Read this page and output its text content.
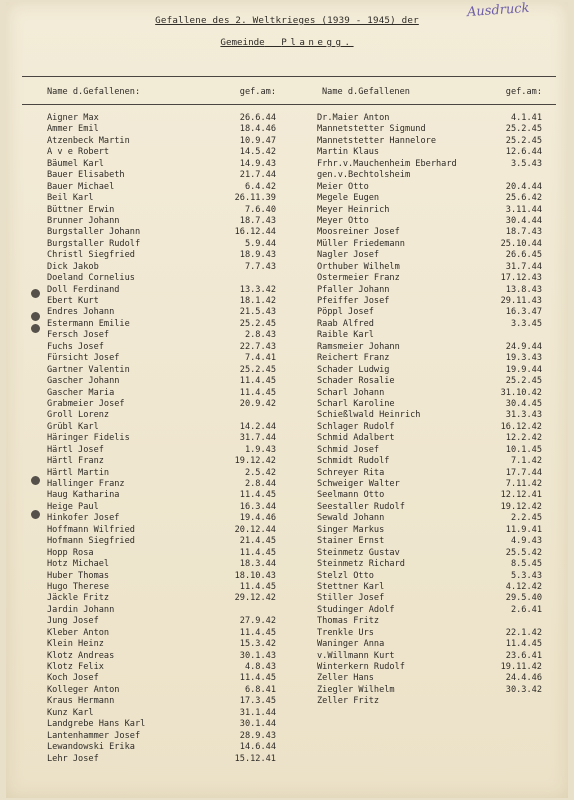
Ausdruck
Gefallene des 2. Weltkrieges (1939 - 1945) der
Gemeinde Planegg.
Name d.Gefallenen:	gef.am:	Name d.Gefallenen	gef.am:
Aigner Max	26.6.44
Ammer Emil	18.4.46
Atzenbeck Martin	10.9.47
A v e Robert	14.5.42
Bäumel Karl	14.9.43
Bauer Elisabeth	21.7.44
Bauer Michael	6.4.42
Beil Karl	26.11.39
Büttner Erwin	7.6.40
Brunner Johann	18.7.43
Burgstaller Johann	16.12.44
Burgstaller Rudolf	5.9.44
Christl Siegfried	18.9.43
Dick Jakob	7.7.43
Doeland Cornelius
Doll Ferdinand	13.3.42
Ebert Kurt	18.1.42
Endres Johann	21.5.43
Estermann Emilie	25.2.45
Fersch Josef	2.8.43
Fuchs Josef	22.7.43
Fürsicht Josef	7.4.41
Gartner Valentin	25.2.45
Gascher Johann	11.4.45
Gascher Maria	11.4.45
Grabmeier Josef	20.9.42
Groll Lorenz
Grübl Karl	14.2.44
Häringer Fidelis	31.7.44
Härtl Josef	1.9.43
Härtl Franz	19.12.42
Härtl Martin	2.5.42
Hallinger Franz	2.8.44
Haug Katharina	11.4.45
Heige Paul	16.3.44
Hinkofer Josef	19.4.46
Hoffmann Wilfried	20.12.44
Hofmann Siegfried	21.4.45
Hopp Rosa	11.4.45
Hotz Michael	18.3.44
Huber Thomas	18.10.43
Hugo Therese	11.4.45
Jäckle Fritz	29.12.42
Jardin Johann
Jung Josef	27.9.42
Kleber Anton	11.4.45
Klein Heinz	15.3.42
Klotz Andreas	30.1.43
Klotz Felix	4.8.43
Koch Josef	11.4.45
Kolleger Anton	6.8.41
Kraus Hermann	17.3.45
Kunz Karl	31.1.44
Landgrebe Hans Karl	30.1.44
Lantenhammer Josef	28.9.43
Lewandowski Erika	14.6.44
Lehr Josef	15.12.41
Dr.Maier Anton	4.1.41
Mannetstetter Sigmund	25.2.45
Mannetstetter Hannelore	25.2.45
Martin Klaus	12.6.44
Frhr.v.Mauchenheim Eberhard	3.5.43
gen.v.Bechtolsheim
Meier Otto	20.4.44
Megele Eugen	25.6.42
Meyer Heinrich	3.11.44
Meyer Otto	30.4.44
Moosreiner Josef	18.7.43
Müller Friedemann	25.10.44
Nagler Josef	26.6.45
Orthuber Wilhelm	31.7.44
Ostermeier Franz	17.12.43
Pfaller Johann	13.8.43
Pfeiffer Josef	29.11.43
Pöppl Josef	16.3.47
Raab Alfred	3.3.45
Raible Karl
Ramsmeier Johann	24.9.44
Reichert Franz	19.3.43
Schader Ludwig	19.9.44
Schader Rosalie	25.2.45
Scharl Johann	31.10.42
Scharl Karoline	30.4.45
Schießlwald Heinrich	31.3.43
Schlager Rudolf	16.12.42
Schmid Adalbert	12.2.42
Schmid Josef	10.1.45
Schmidt Rudolf	7.1.42
Schreyer Rita	17.7.44
Schweiger Walter	7.11.42
Seelmann Otto	12.12.41
Seestaller Rudolf	19.12.42
Sewald Johann	2.2.45
Singer Markus	11.9.41
Stainer Ernst	4.9.43
Steinmetz Gustav	25.5.42
Steinmetz Richard	8.5.45
Stelzl Otto	5.3.43
Stettner Karl	4.12.42
Stiller Josef	29.5.40
Studinger Adolf	2.6.41
Thomas Fritz
Trenkle Urs	22.1.42
Waninger Anna	11.4.45
v.Willmann Kurt	23.6.41
Winterkern Rudolf	19.11.42
Zeller Hans	24.4.46
Ziegler Wilhelm	30.3.42
Zeller Fritz
